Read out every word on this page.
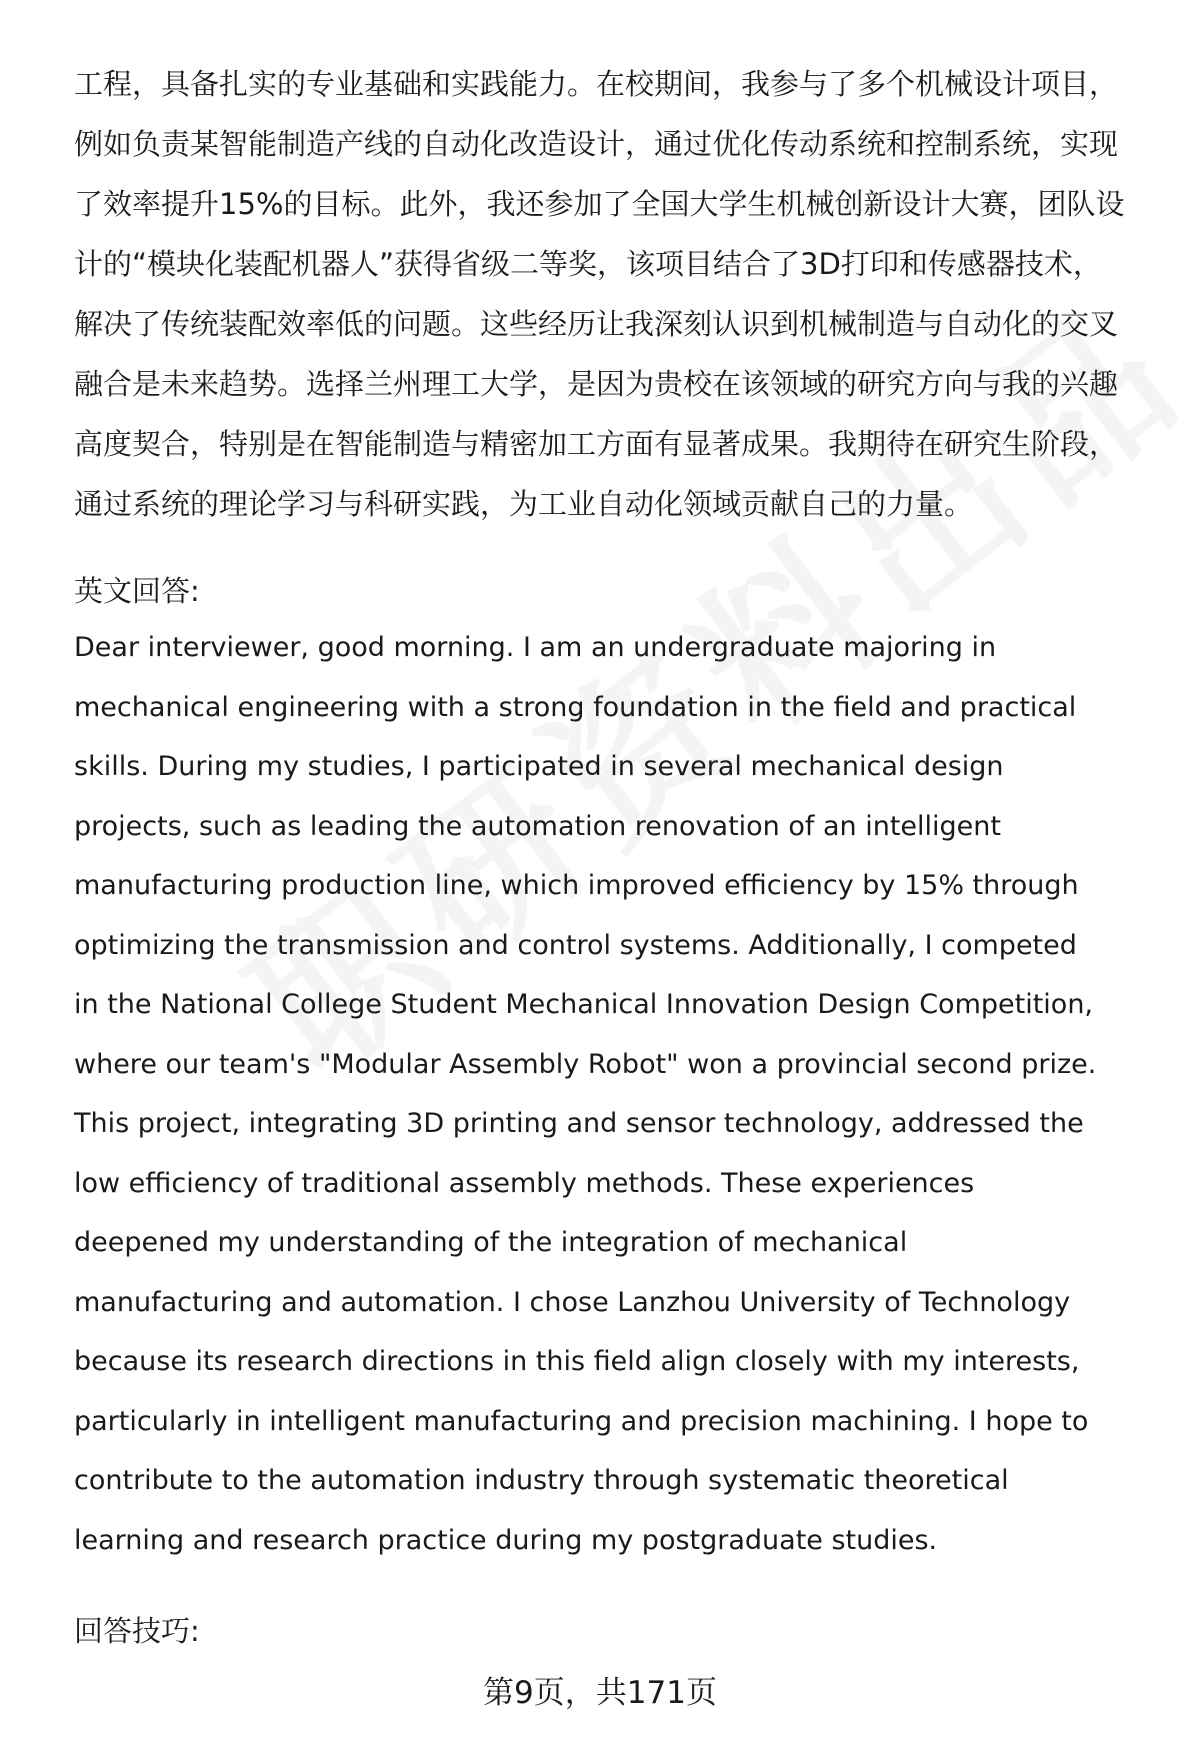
工程，具备扎实的专业基础和实践能力。在校期间，我参与了多个机械设计项目，
例如负责某智能制造产线的自动化改造设计，通过优化传动系统和控制系统，实现
了效率提升15%的目标。此外，我还参加了全国大学生机械创新设计大赛，团队设
计的“模块化装配机器人”获得省级二等奖，该项目结合了3D打印和传感器技术，
解决了传统装配效率低的问题。这些经历让我深刻认识到机械制造与自动化的交叉
融合是未来趋势。选择兰州理工大学，是因为贵校在该领域的研究方向与我的兴趣
高度契合，特别是在智能制造与精密加工方面有显著成果。我期待在研究生阶段，
通过系统的理论学习与科研实践，为工业自动化领域贡献自己的力量。
英文回答:
Dear interviewer, good morning. I am an undergraduate majoring in
mechanical engineering with a strong foundation in the field and practical
skills. During my studies, I participated in several mechanical design
projects, such as leading the automation renovation of an intelligent
manufacturing production line, which improved efficiency by 15% through
optimizing the transmission and control systems. Additionally, I competed
in the National College Student Mechanical Innovation Design Competition,
where our team's "Modular Assembly Robot" won a provincial second prize.
This project, integrating 3D printing and sensor technology, addressed the
low efficiency of traditional assembly methods. These experiences
deepened my understanding of the integration of mechanical
manufacturing and automation. I chose Lanzhou University of Technology
because its research directions in this field align closely with my interests,
particularly in intelligent manufacturing and precision machining. I hope to
contribute to the automation industry through systematic theoretical
learning and research practice during my postgraduate studies.
回答技巧:
第9页，共171页
